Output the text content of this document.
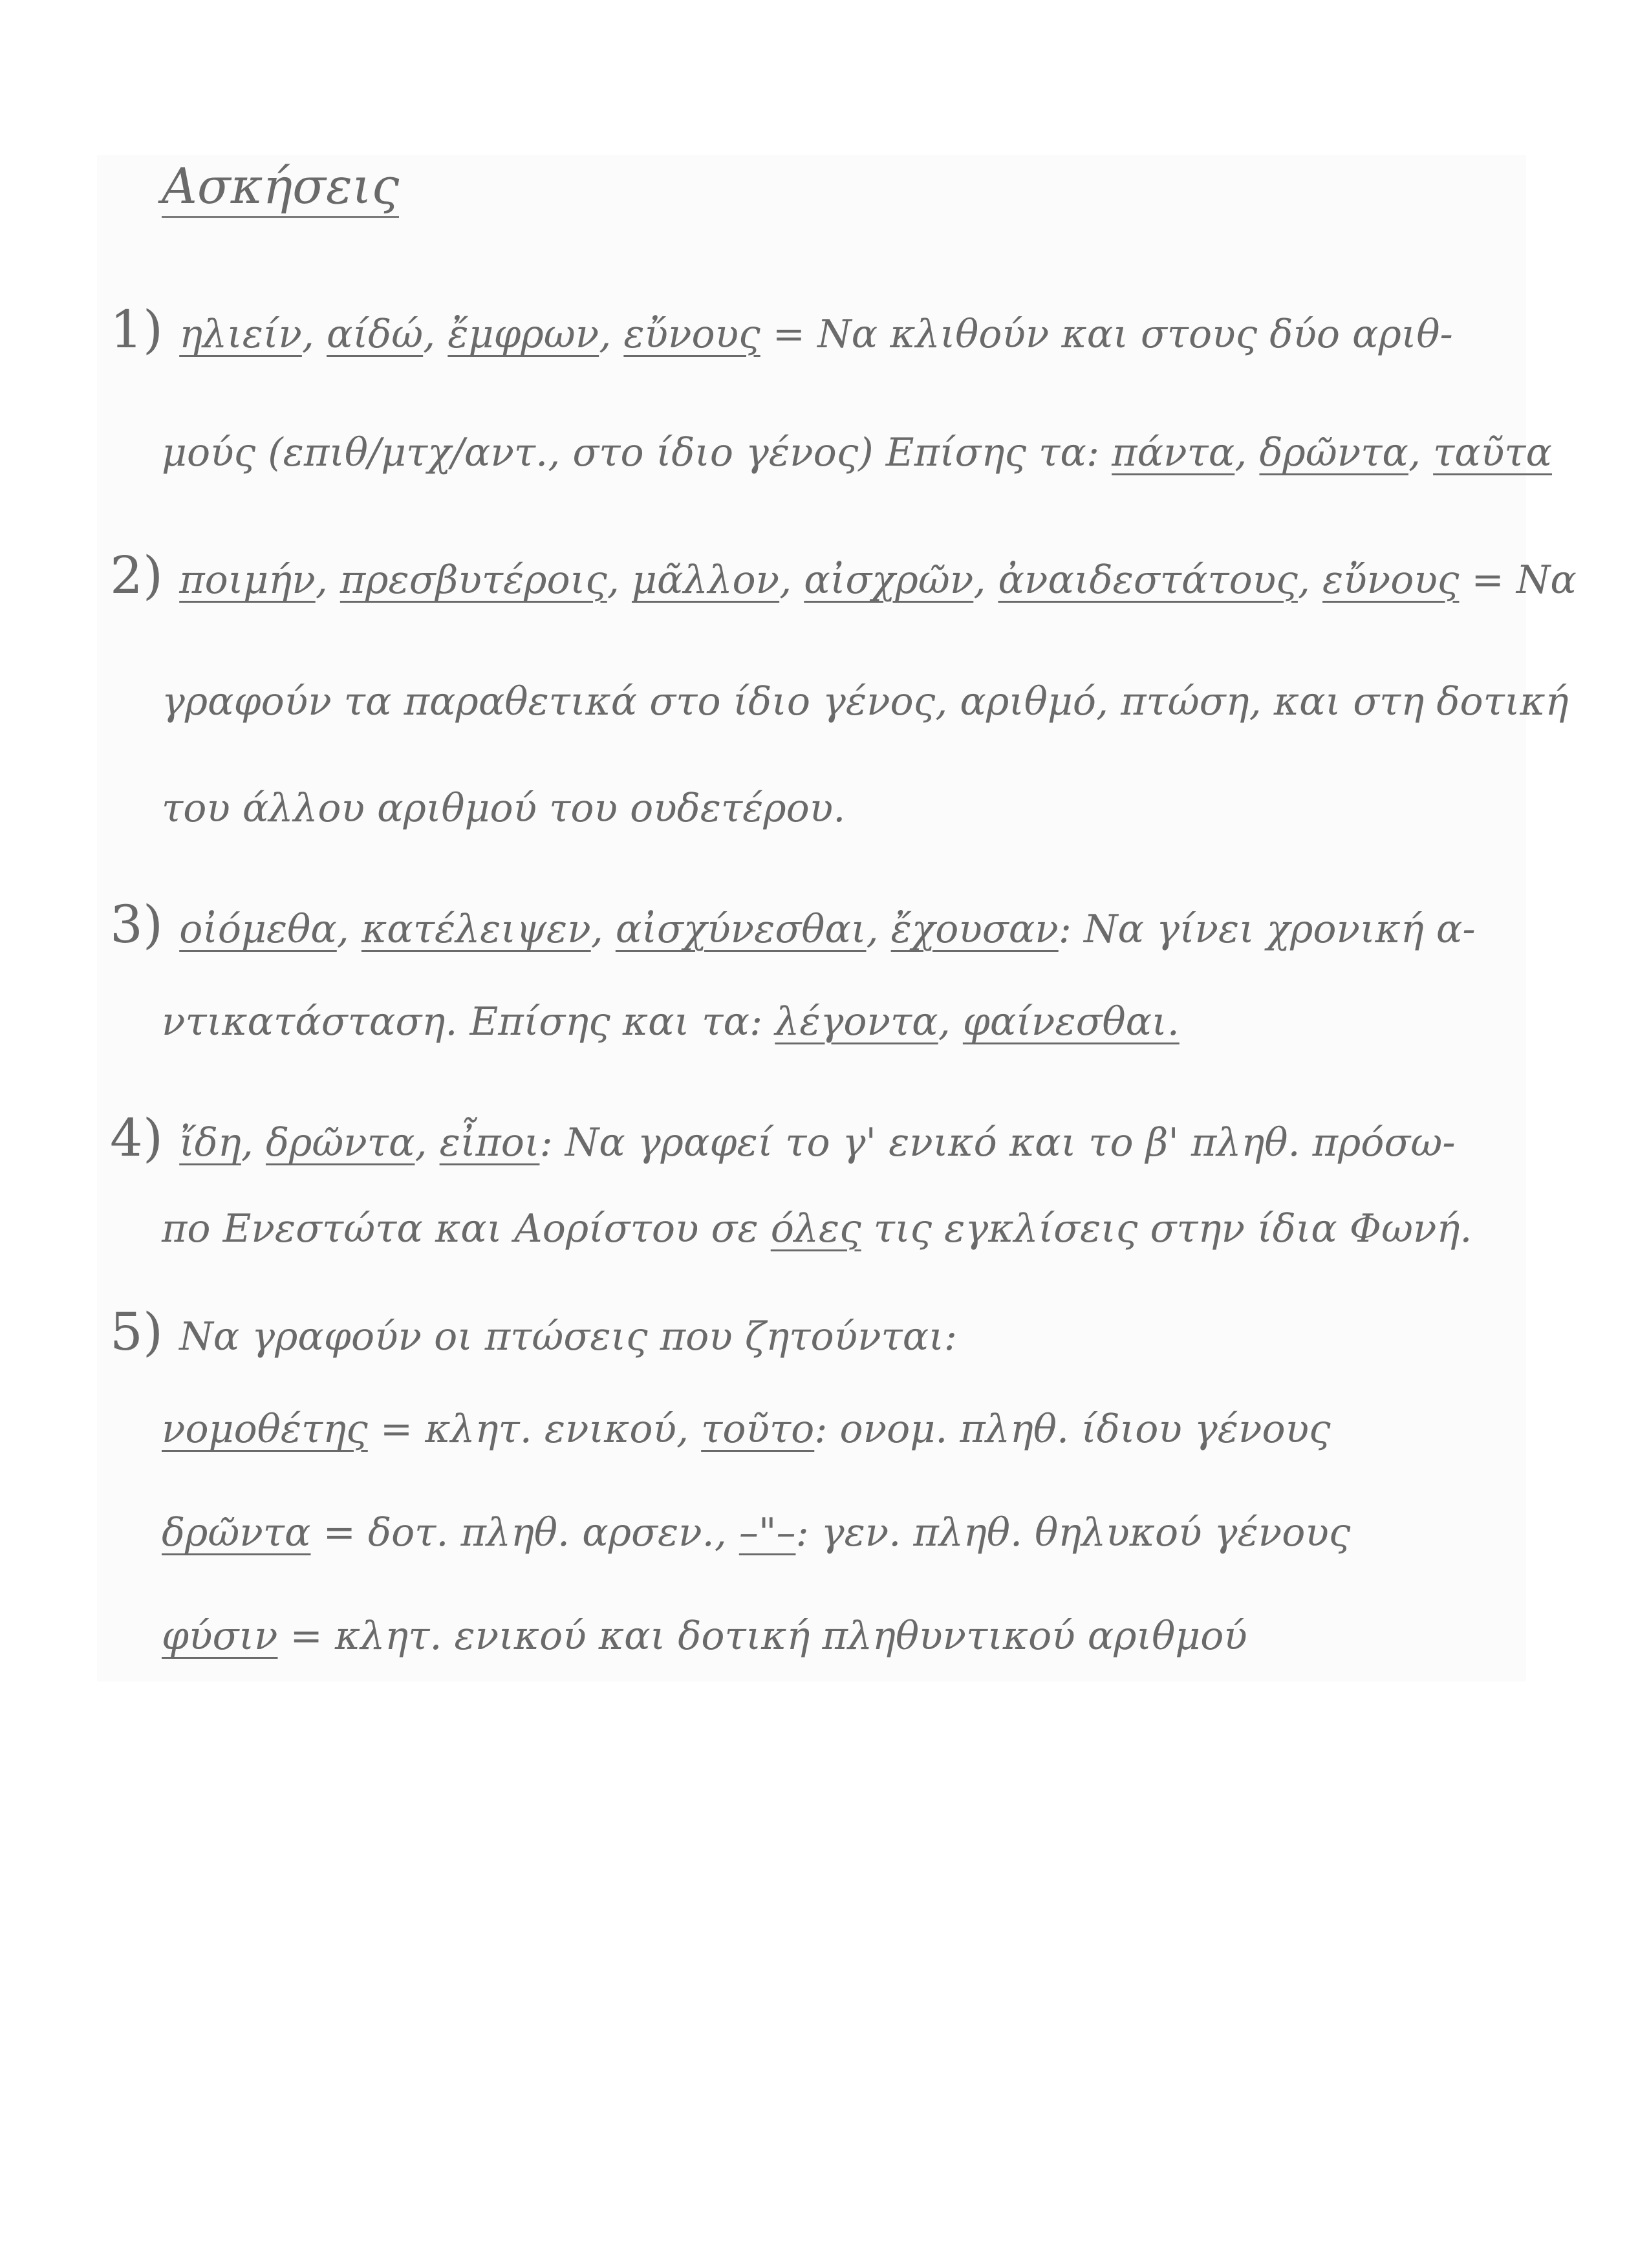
Ασκήσεις
1) ηλιείν, αίδώ, ἔμφρων, εὔνους = Να κλιθούν και στους δύο αριθ-
μούς (επιθ/μτχ/αντ., στο ίδιο γένος) Επίσης τα: πάντα, δρῶντα, ταῦτα
2) ποιμήν, πρεσβυτέροις, μᾶλλον, αἰσχρῶν, ἀναιδεστάτους, εὔνους = Να
γραφούν τα παραθετικά στο ίδιο γένος, αριθμό, πτώση, και στη δοτική
του άλλου αριθμού του ουδετέρου.
3) οἰόμεθα, κατέλειψεν, αἰσχύνεσθαι, ἔχουσαν: Να γίνει χρονική α-
ντικατάσταση. Επίσης και τα: λέγοντα, φαίνεσθαι.
4) ἴδη, δρῶντα, εἶποι: Να γραφεί το γ' ενικό και το β' πληθ. πρόσω-
πο Ενεστώτα και Αορίστου σε όλες τις εγκλίσεις στην ίδια Φωνή.
5) Να γραφούν οι πτώσεις που ζητούνται:
νομοθέτης = κλητ. ενικού, τοῦτο: ονομ. πληθ. ίδιου γένους
δρῶντα = δοτ. πληθ. αρσεν., –"–: γεν. πληθ. θηλυκού γένους
φύσιν = κλητ. ενικού και δοτική πληθυντικού αριθμού
